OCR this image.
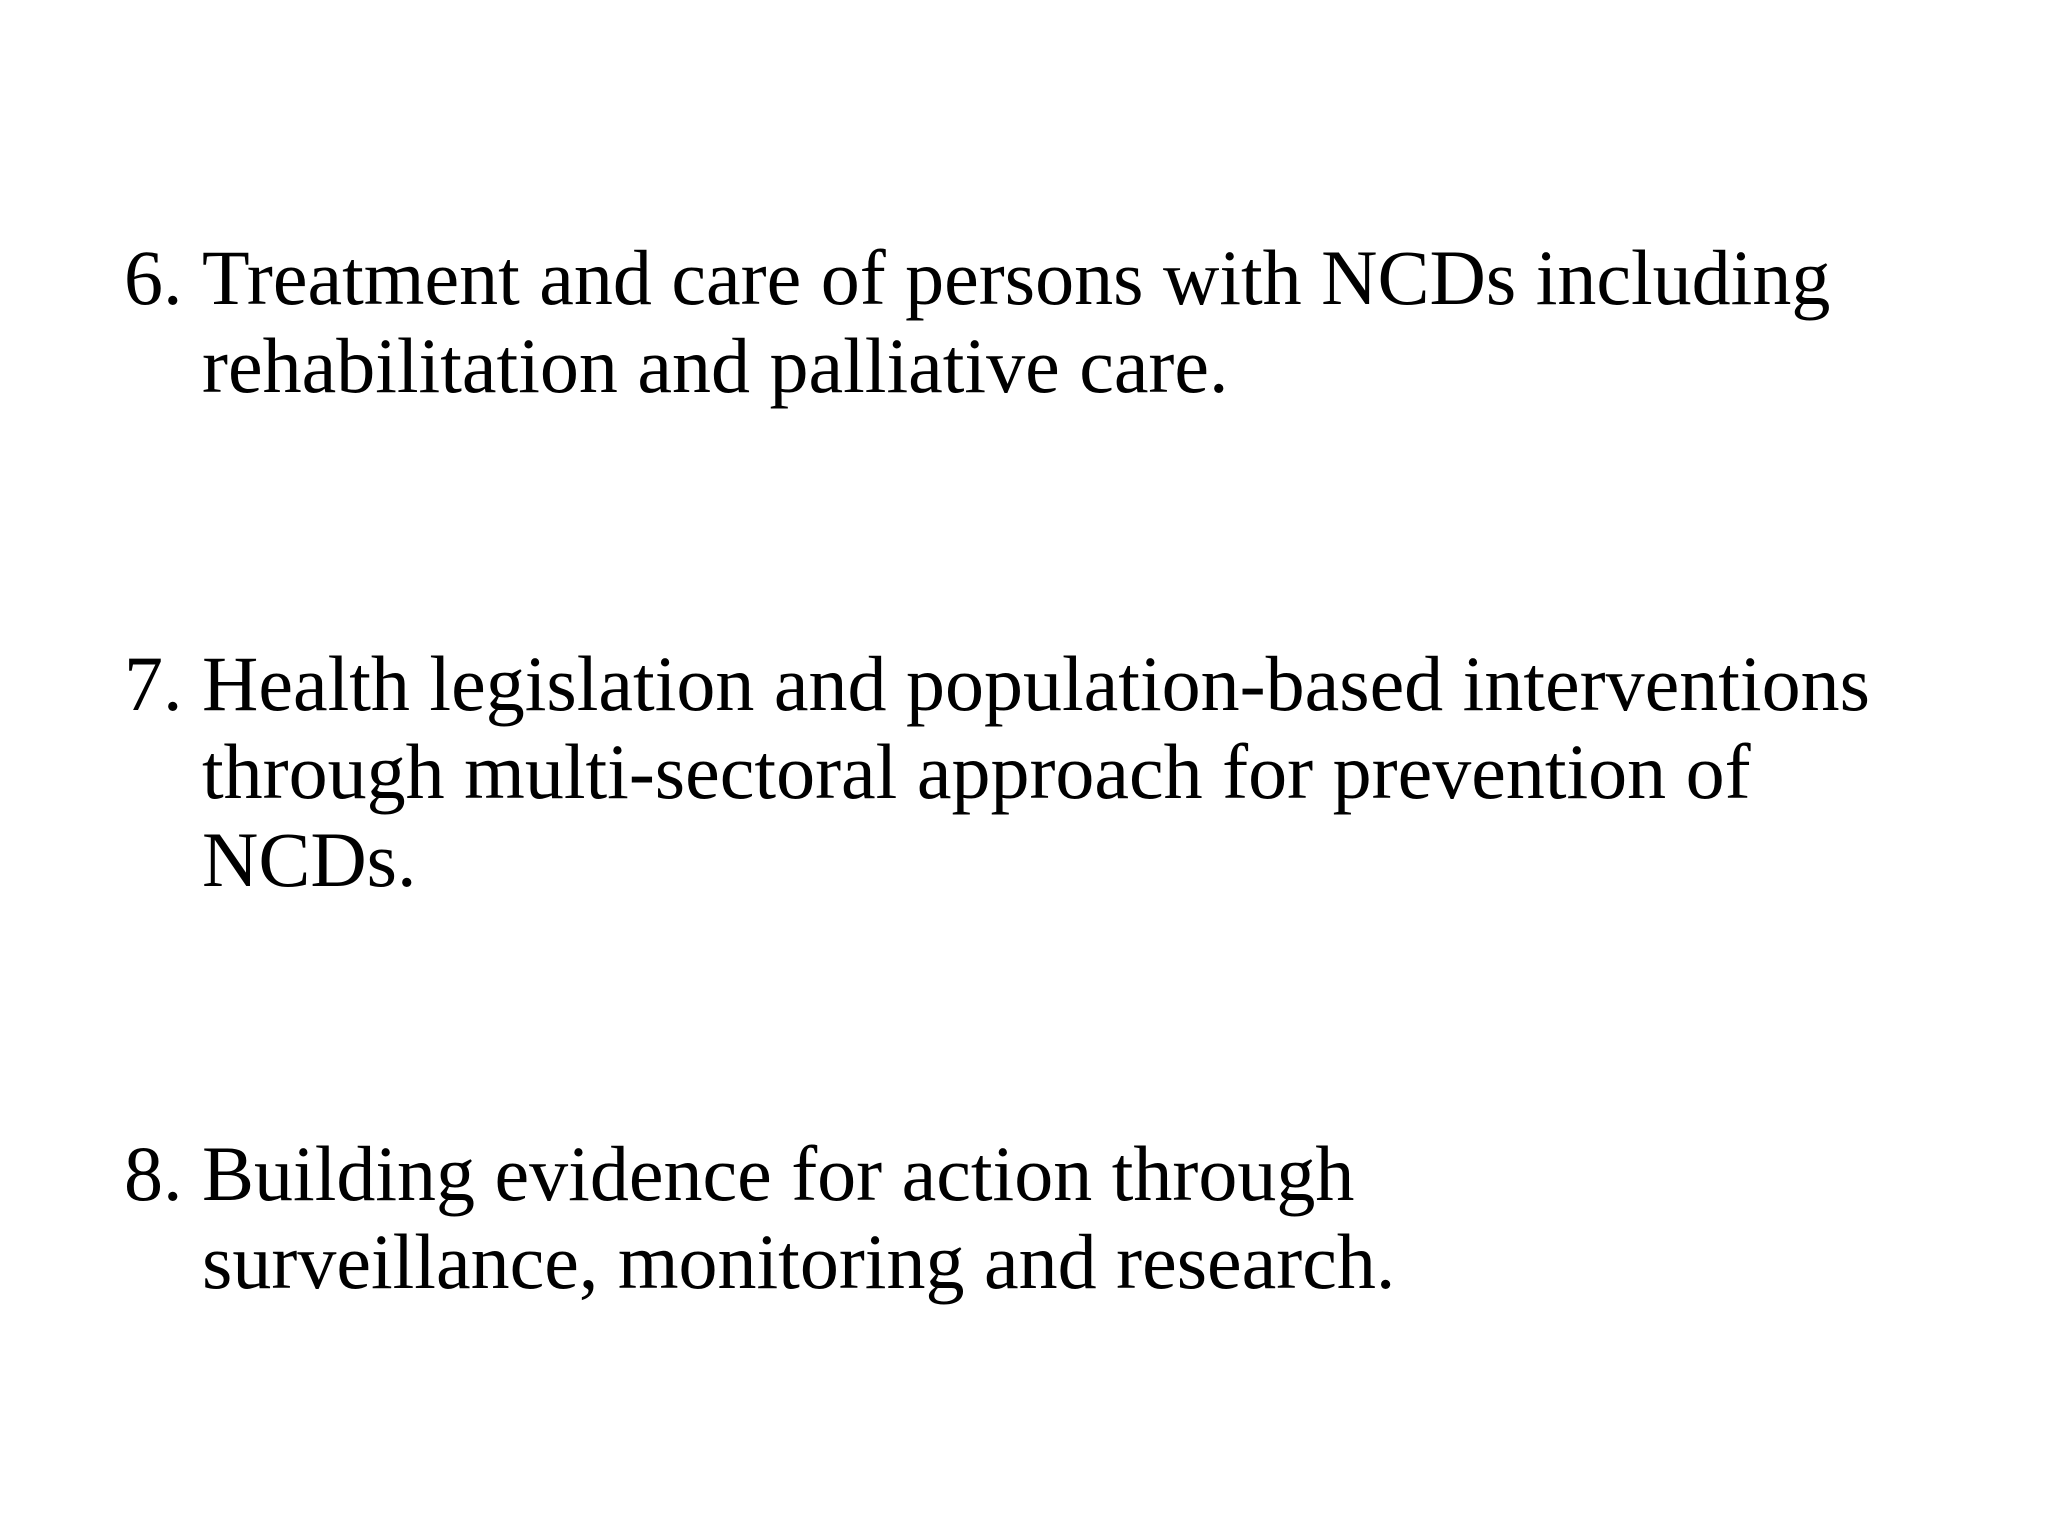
6. Treatment and care of persons with NCDs including
rehabilitation and palliative care.
7. Health legislation and population-based interventions
through multi-sectoral approach for prevention of
NCDs.
8. Building evidence for action through
surveillance, monitoring and research.
